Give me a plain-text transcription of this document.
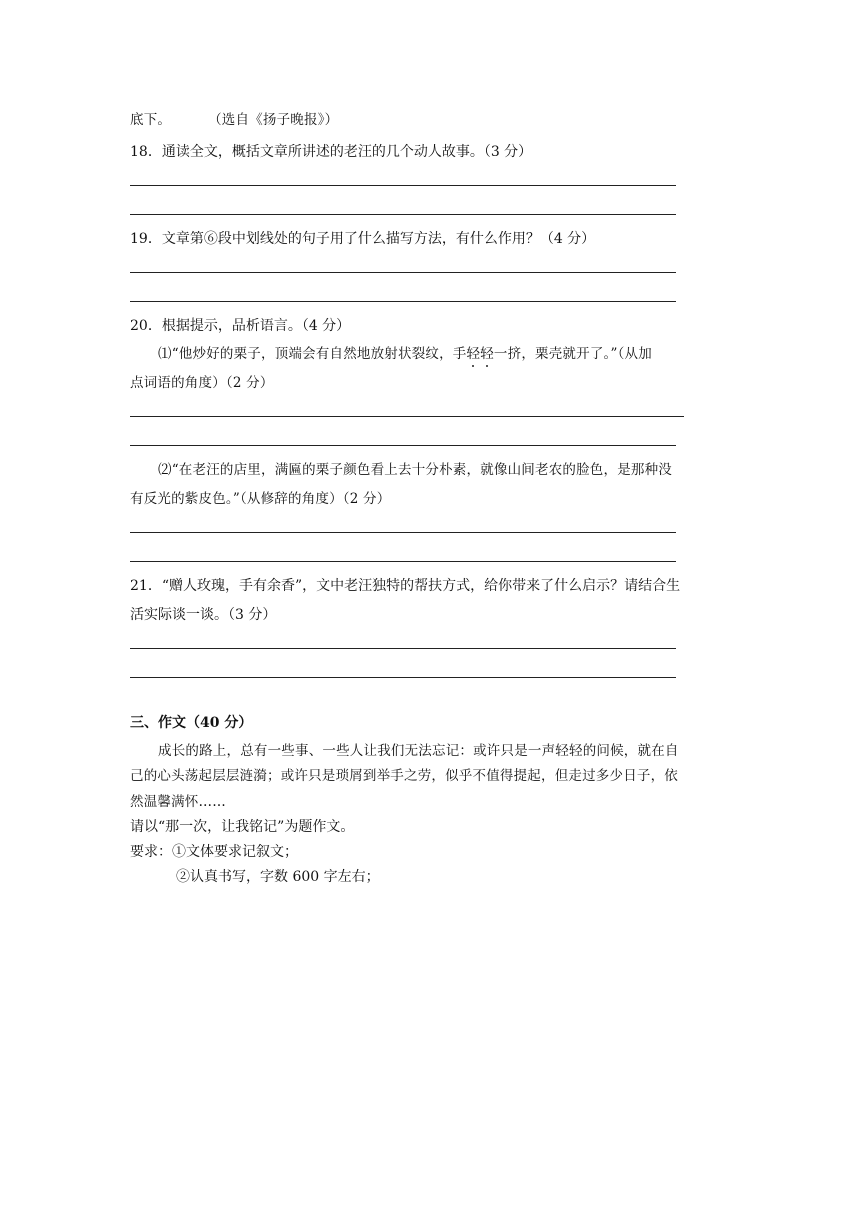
底下。	（选自《扬子晚报》）
18．通读全文，概括文章所讲述的老汪的几个动人故事。（3 分）
19．文章第⑥段中划线处的句子用了什么描写方法，有什么作用？（4 分）
20．根据提示，品析语言。（4 分）
⑴“他炒好的栗子，顶端会有自然地放射状裂纹，手轻轻一挤，栗壳就开了。”（从加
点词语的角度）（2 分）
⑵“在老汪的店里，满匾的栗子颜色看上去十分朴素，就像山间老农的脸色，是那种没
有反光的紫皮色。”（从修辞的角度）（2 分）
21．“赠人玫瑰，手有余香”，文中老汪独特的帮扶方式，给你带来了什么启示？请结合生
活实际谈一谈。（3 分）
三、作文（40 分）
成长的路上，总有一些事、一些人让我们无法忘记：或许只是一声轻轻的问候，就在自
己的心头荡起层层涟漪；或许只是琐屑到举手之劳，似乎不值得提起，但走过多少日子，依
然温馨满怀……
请以“那一次，让我铭记”为题作文。
要求：①文体要求记叙文；
②认真书写，字数 600 字左右；
